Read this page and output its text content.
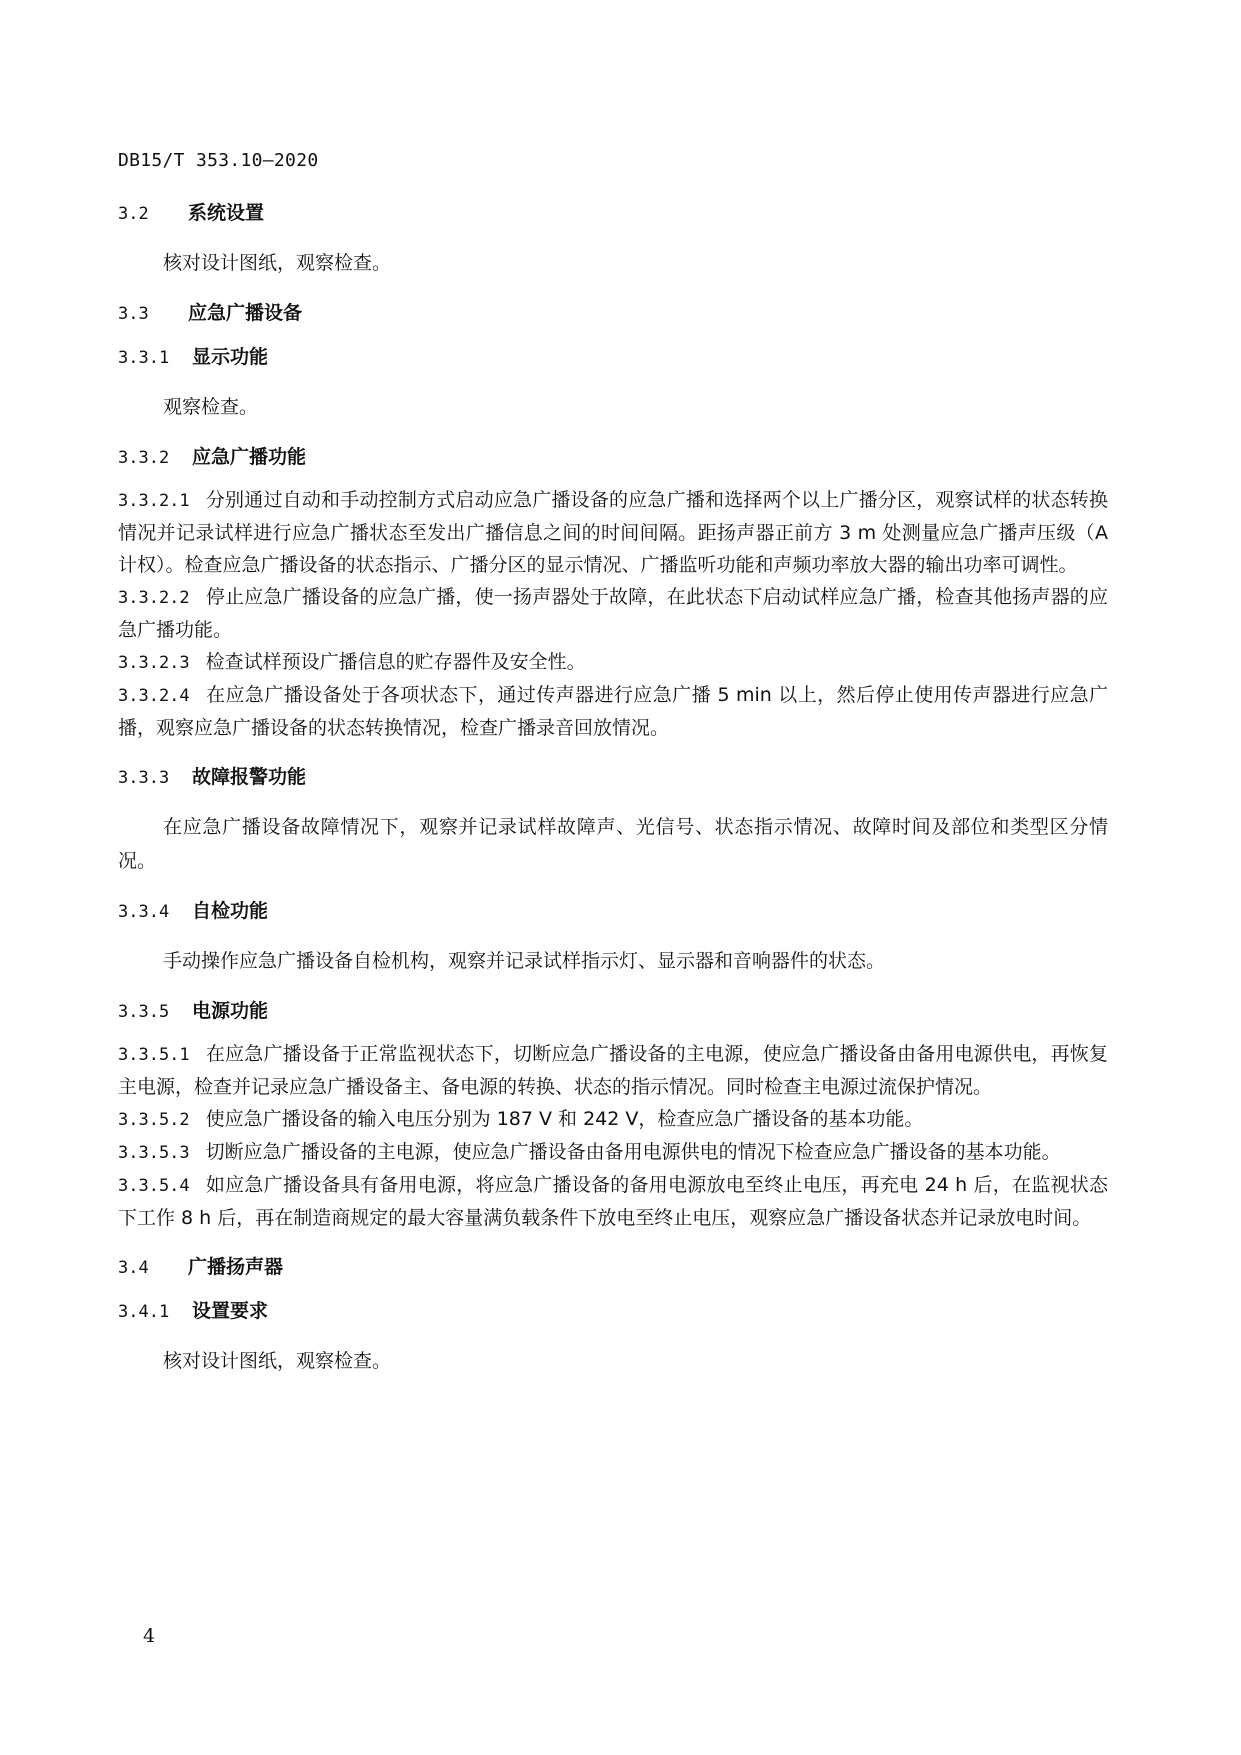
DB15/T 353.10—2020
3.2 系统设置

核对设计图纸，观察检查。

3.3 应急广播设备
3.3.1 显示功能

观察检查。

3.3.2 应急广播功能

3.3.2.1 分别通过自动和手动控制方式启动应急广播设备的应急广播和选择两个以上广播分区，观察试样的状态转换情况并记录试样进行应急广播状态至发出广播信息之间的时间间隔。距扬声器正前方 3 m 处测量应急广播声压级（A 计权）。检查应急广播设备的状态指示、广播分区的显示情况、广播监听功能和声频功率放大器的输出功率可调性。

3.3.2.2 停止应急广播设备的应急广播，使一扬声器处于故障，在此状态下启动试样应急广播，检查其他扬声器的应急广播功能。

3.3.2.3 检查试样预设广播信息的贮存器件及安全性。

3.3.2.4 在应急广播设备处于各项状态下，通过传声器进行应急广播 5 min 以上，然后停止使用传声器进行应急广播，观察应急广播设备的状态转换情况，检查广播录音回放情况。

3.3.3 故障报警功能

在应急广播设备故障情况下，观察并记录试样故障声、光信号、状态指示情况、故障时间及部位和类型区分情况。

3.3.4 自检功能

手动操作应急广播设备自检机构，观察并记录试样指示灯、显示器和音响器件的状态。

3.3.5 电源功能

3.3.5.1 在应急广播设备于正常监视状态下，切断应急广播设备的主电源，使应急广播设备由备用电源供电，再恢复主电源，检查并记录应急广播设备主、备电源的转换、状态的指示情况。同时检查主电源过流保护情况。

3.3.5.2 使应急广播设备的输入电压分别为 187 V 和 242 V，检查应急广播设备的基本功能。

3.3.5.3 切断应急广播设备的主电源，使应急广播设备由备用电源供电的情况下检查应急广播设备的基本功能。

3.3.5.4 如应急广播设备具有备用电源，将应急广播设备的备用电源放电至终止电压，再充电 24 h 后，在监视状态下工作 8 h 后，再在制造商规定的最大容量满负载条件下放电至终止电压，观察应急广播设备状态并记录放电时间。

3.4 广播扬声器
3.4.1 设置要求

核对设计图纸，观察检查。

4
